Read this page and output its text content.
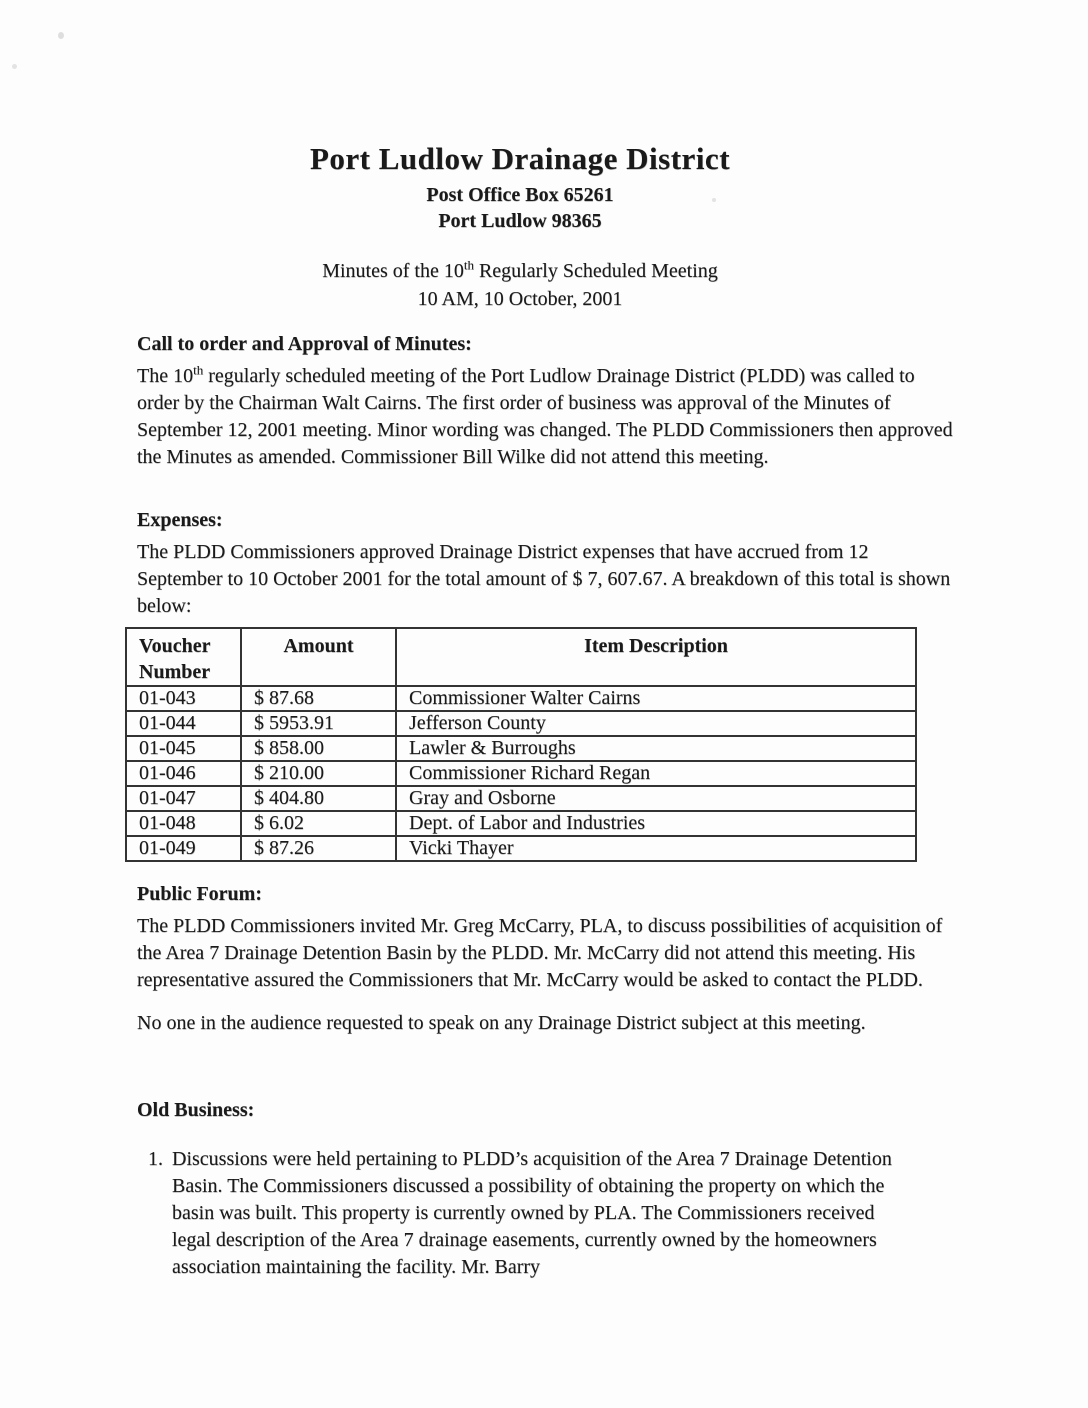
Port Ludlow Drainage District
Post Office Box 65261
Port Ludlow 98365
Minutes of the 10th Regularly Scheduled Meeting
10 AM, 10 October, 2001
Call to order and Approval of Minutes:
The 10th regularly scheduled meeting of the Port Ludlow Drainage District (PLDD) was called to order by the Chairman Walt Cairns. The first order of business was approval of the Minutes of September 12, 2001 meeting. Minor wording was changed. The PLDD Commissioners then approved the Minutes as amended. Commissioner Bill Wilke did not attend this meeting.
Expenses:
The PLDD Commissioners approved Drainage District expenses that have accrued from 12 September to 10 October 2001 for the total amount of $ 7, 607.67. A breakdown of this total is shown below:
Voucher Number	Amount	Item Description
01-043	$ 87.68	Commissioner Walter Cairns
01-044	$ 5953.91	Jefferson County
01-045	$ 858.00	Lawler & Burroughs
01-046	$ 210.00	Commissioner Richard Regan
01-047	$ 404.80	Gray and Osborne
01-048	$ 6.02	Dept. of Labor and Industries
01-049	$ 87.26	Vicki Thayer
Public Forum:
The PLDD Commissioners invited Mr. Greg McCarry, PLA, to discuss possibilities of acquisition of the Area 7 Drainage Detention Basin by the PLDD. Mr. McCarry did not attend this meeting. His representative assured the Commissioners that Mr. McCarry would be asked to contact the PLDD.
No one in the audience requested to speak on any Drainage District subject at this meeting.
Old Business:
1. Discussions were held pertaining to PLDD’s acquisition of the Area 7 Drainage Detention Basin. The Commissioners discussed a possibility of obtaining the property on which the basin was built. This property is currently owned by PLA. The Commissioners received legal description of the Area 7 drainage easements, currently owned by the homeowners association maintaining the facility. Mr. Barry
